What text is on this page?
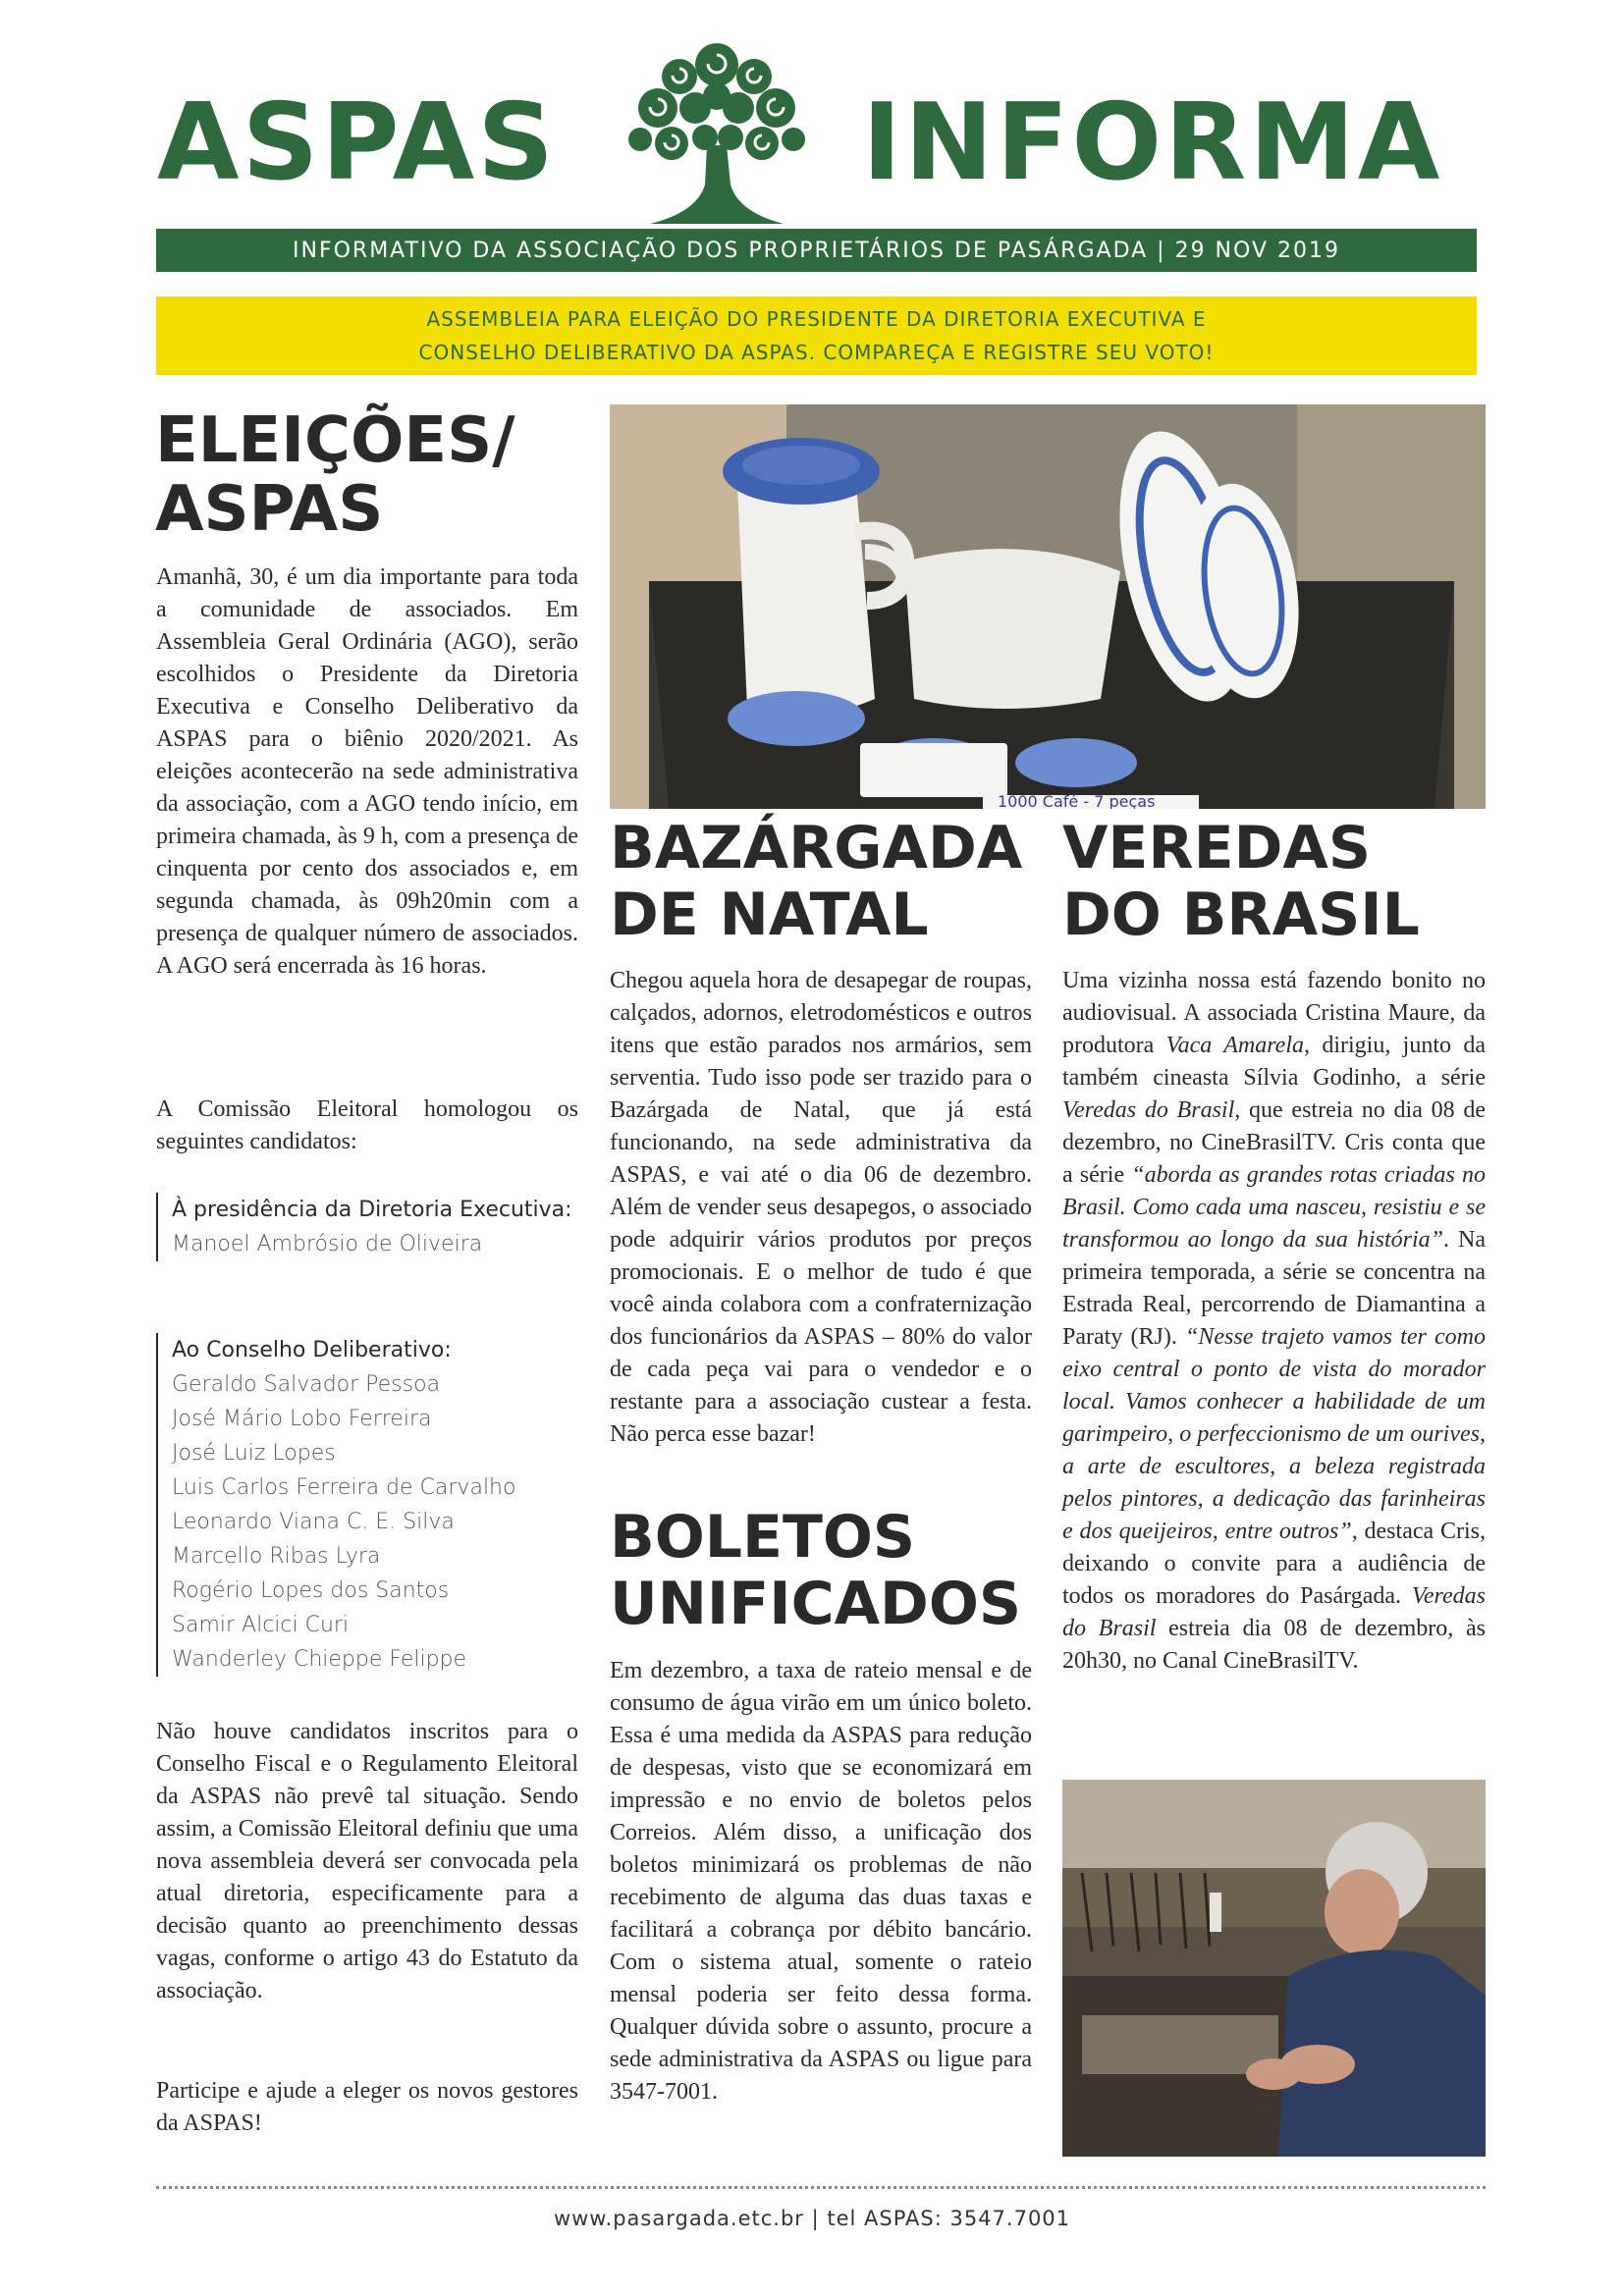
ASPAS	INFORMA
INFORMATIVO DA ASSOCIAÇÃO DOS PROPRIETÁRIOS DE PASÁRGADA | 29 NOV 2019
ASSEMBLEIA PARA ELEIÇÃO DO PRESIDENTE DA DIRETORIA EXECUTIVA E
CONSELHO DELIBERATIVO DA ASPAS. COMPAREÇA E REGISTRE SEU VOTO!
ELEIÇÕES/
ASPAS

Amanhã, 30, é um dia importante para toda a comunidade de associados. Em Assembleia Geral Ordinária (AGO), serão escolhidos o Presidente da Diretoria Executiva e Conselho Deliberativo da ASPAS para o biênio 2020/2021. As eleições acontecerão na sede administrativa da associação, com a AGO tendo início, em primeira chamada, às 9 h, com a presença de cinquenta por cento dos associados e, em segunda chamada, às 09h20min com a presença de qualquer número de associados. A AGO será encerrada às 16 horas.

A Comissão Eleitoral homologou os seguintes candidatos:

À presidência da Diretoria Executiva:
Manoel Ambrósio de Oliveira
Ao Conselho Deliberativo:
Geraldo Salvador Pessoa
José Mário Lobo Ferreira
José Luiz Lopes
Luis Carlos Ferreira de Carvalho
Leonardo Viana C. E. Silva
Marcello Ribas Lyra
Rogério Lopes dos Santos
Samir Alcici Curi
Wanderley Chieppe Felippe

Não houve candidatos inscritos para o Conselho Fiscal e o Regulamento Eleitoral da ASPAS não prevê tal situação. Sendo assim, a Comissão Eleitoral definiu que uma nova assembleia deverá ser convocada pela atual diretoria, especificamente para a decisão quanto ao preenchimento dessas vagas, conforme o artigo 43 do Estatuto da associação.

Participe e ajude a eleger os novos gestores da ASPAS!

1000 Café - 7 peças
BAZÁRGADA
DE NATAL

Chegou aquela hora de desapegar de roupas, calçados, adornos, eletrodomésticos e outros itens que estão parados nos armários, sem serventia. Tudo isso pode ser trazido para o Bazárgada de Natal, que já está funcionando, na sede administrativa da ASPAS, e vai até o dia 06 de dezembro. Além de vender seus desapegos, o associado pode adquirir vários produtos por preços promocionais. E o melhor de tudo é que você ainda colabora com a confraternização dos funcionários da ASPAS – 80% do valor de cada peça vai para o vendedor e o restante para a associação custear a festa. Não perca esse bazar!

BOLETOS
UNIFICADOS

Em dezembro, a taxa de rateio mensal e de consumo de água virão em um único boleto. Essa é uma medida da ASPAS para redução de despesas, visto que se economizará em impressão e no envio de boletos pelos Correios. Além disso, a unificação dos boletos minimizará os problemas de não recebimento de alguma das duas taxas e facilitará a cobrança por débito bancário. Com o sistema atual, somente o rateio mensal poderia ser feito dessa forma. Qualquer dúvida sobre o assunto, procure a sede administrativa da ASPAS ou ligue para 3547-7001.

VEREDAS
DO BRASIL

Uma vizinha nossa está fazendo bonito no audiovisual. A associada Cristina Maure, da produtora Vaca Amarela, dirigiu, junto da também cineasta Sílvia Godinho, a série Veredas do Brasil, que estreia no dia 08 de dezembro, no CineBrasilTV. Cris conta que a série “aborda as grandes rotas criadas no Brasil. Como cada uma nasceu, resistiu e se transformou ao longo da sua história”. Na primeira temporada, a série se concentra na Estrada Real, percorrendo de Diamantina a Paraty (RJ). “Nesse trajeto vamos ter como eixo central o ponto de vista do morador local. Vamos conhecer a habilidade de um garimpeiro, o perfeccionismo de um ourives, a arte de escultores, a beleza registrada pelos pintores, a dedicação das farinheiras e dos queijeiros, entre outros”, destaca Cris, deixando o convite para a audiência de todos os moradores do Pasárgada. Veredas do Brasil estreia dia 08 de dezembro, às 20h30, no Canal CineBrasilTV.

www.pasargada.etc.br | tel ASPAS: 3547.7001
